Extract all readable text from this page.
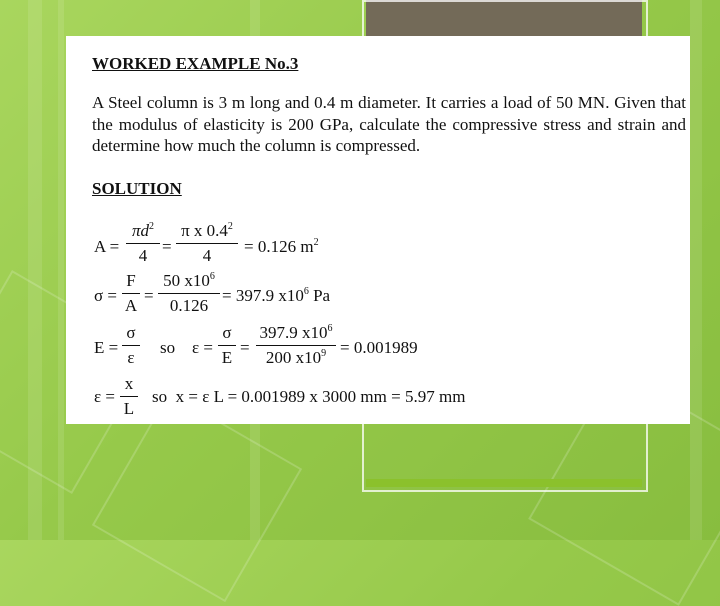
WORKED EXAMPLE No.3
A Steel column is 3 m long and 0.4 m diameter. It carries a load of 50 MN. Given that the modulus of elasticity is 200 GPa, calculate the compressive stress and strain and determine how much the column is compressed.
SOLUTION
A =
$\pi d^2$
4 =
π x $0.4^2$
4	= 0.126 $m^2$
σ =
F
A
=
50 $x10^6$
0.126
= 397.9 $x10^6$ Pa
E =
σ
ε
so ε =
σ
E
=
397.9 $x10^6$
200 $x10^9 = 0.001989$
ε =
x
L
so  x = ε L = 0.001989 x 3000 mm = 5.97 mm
